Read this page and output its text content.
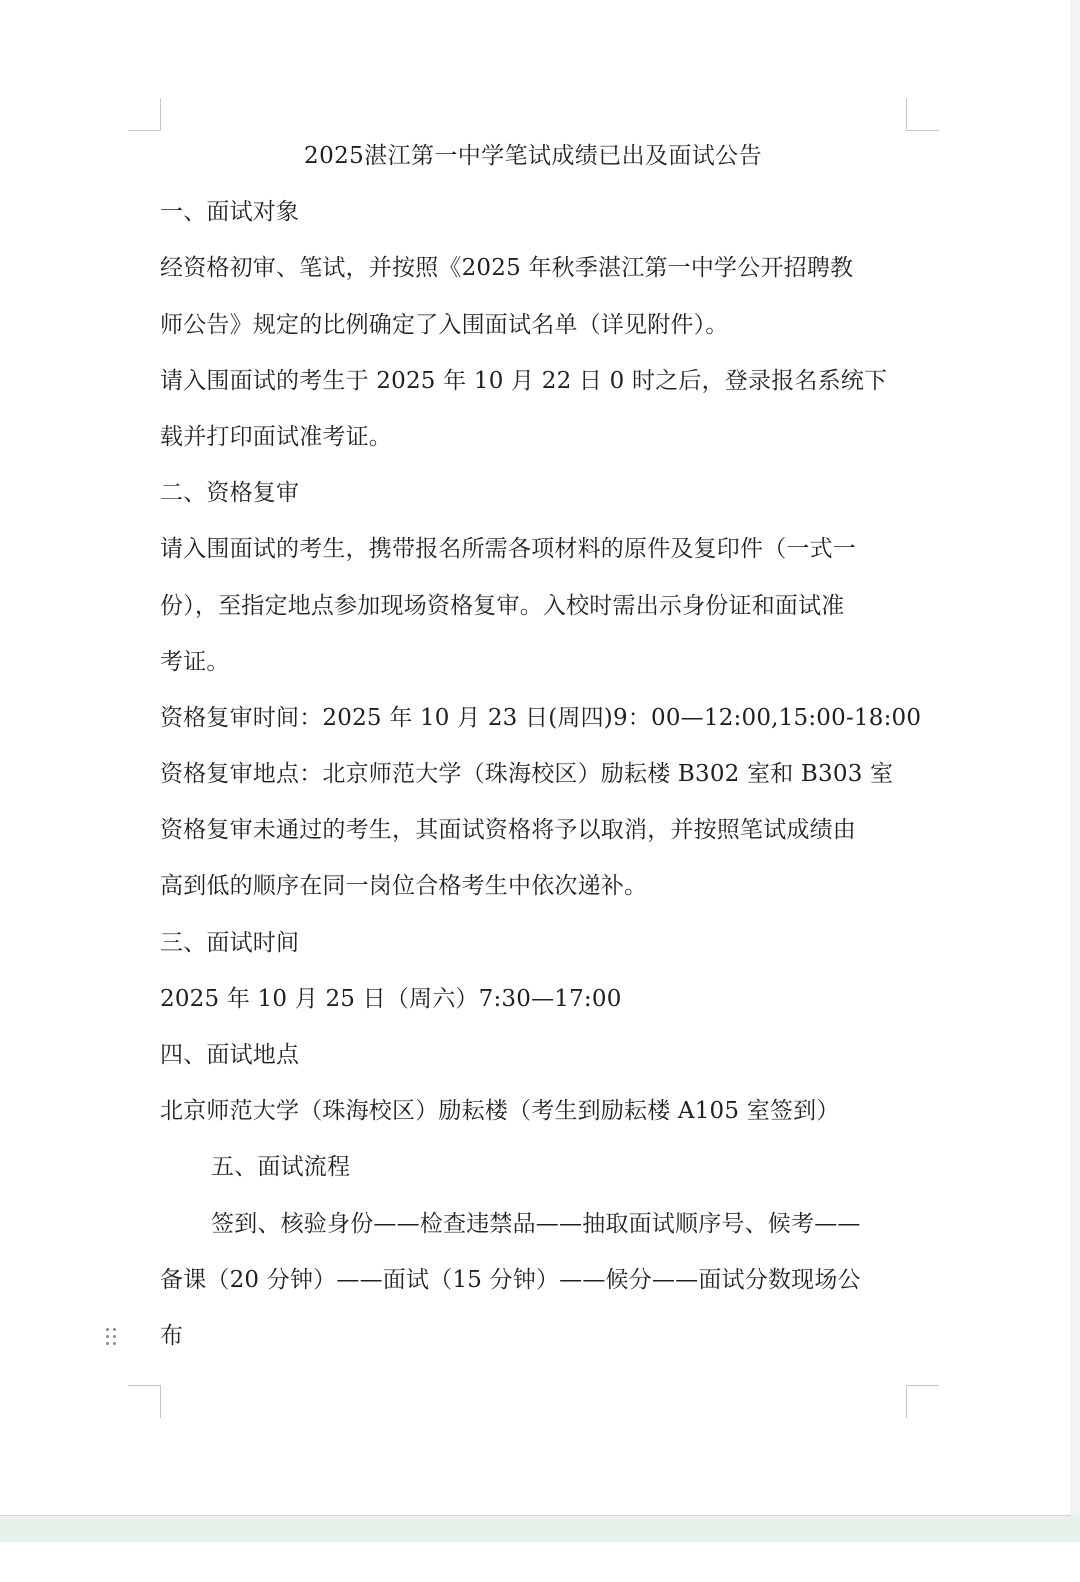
2025湛江第一中学笔试成绩已出及面试公告
一、面试对象
经资格初审、笔试，并按照《2025 年秋季湛江第一中学公开招聘教
师公告》规定的比例确定了入围面试名单（详见附件）。
请入围面试的考生于 2025 年 10 月 22 日 0 时之后，登录报名系统下
载并打印面试准考证。
二、资格复审
请入围面试的考生，携带报名所需各项材料的原件及复印件（一式一
份），至指定地点参加现场资格复审。入校时需出示身份证和面试准
考证。
资格复审时间：2025 年 10 月 23 日(周四)9：00—12:00,15:00-18:00
资格复审地点：北京师范大学（珠海校区）励耘楼 B302 室和 B303 室
资格复审未通过的考生，其面试资格将予以取消，并按照笔试成绩由
高到低的顺序在同一岗位合格考生中依次递补。
三、面试时间
2025 年 10 月 25 日（周六）7:30—17:00
四、面试地点
北京师范大学（珠海校区）励耘楼（考生到励耘楼 A105 室签到）
五、面试流程
签到、核验身份——检查违禁品——抽取面试顺序号、候考——
备课（20 分钟）——面试（15 分钟）——候分——面试分数现场公
布
